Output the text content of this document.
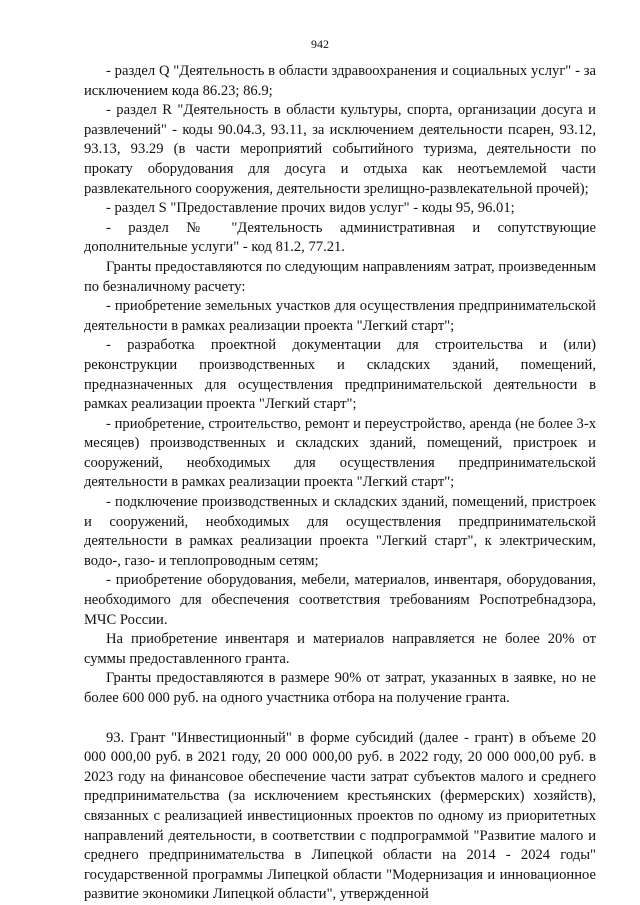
942

- раздел Q "Деятельность в области здравоохранения и социальных услуг" - за исключением кода 86.23; 86.9;

- раздел R "Деятельность в области культуры, спорта, организации досуга и развлечений" - коды 90.04.3, 93.11, за исключением деятельности псарен, 93.12, 93.13, 93.29 (в части мероприятий событийного туризма, деятельности по прокату оборудования для досуга и отдыха как неотъемлемой части развлекательного сооружения, деятельности зрелищно-развлекательной прочей);

- раздел S "Предоставление прочих видов услуг" - коды 95, 96.01;

- раздел № "Деятельность административная и сопутствующие дополнительные услуги" - код 81.2, 77.21.

Гранты предоставляются по следующим направлениям затрат, произведенным по безналичному расчету:

- приобретение земельных участков для осуществления предпринимательской деятельности в рамках реализации проекта "Легкий старт";

- разработка проектной документации для строительства и (или) реконструкции производственных и складских зданий, помещений, предназначенных для осуществления предпринимательской деятельности в рамках реализации проекта "Легкий старт";

- приобретение, строительство, ремонт и переустройство, аренда (не более 3-х месяцев) производственных и складских зданий, помещений, пристроек и сооружений, необходимых для осуществления предпринимательской деятельности в рамках реализации проекта "Легкий старт";

- подключение производственных и складских зданий, помещений, пристроек и сооружений, необходимых для осуществления предпринимательской деятельности в рамках реализации проекта "Легкий старт", к электрическим, водо-, газо- и теплопроводным сетям;

- приобретение оборудования, мебели, материалов, инвентаря, оборудования, необходимого для обеспечения соответствия требованиям Роспотребнадзора, МЧС России.

На приобретение инвентаря и материалов направляется не более 20% от суммы предоставленного гранта.

Гранты предоставляются в размере 90% от затрат, указанных в заявке, но не более 600 000 руб. на одного участника отбора на получение гранта.

93. Грант "Инвестиционный" в форме субсидий (далее - грант) в объеме 20 000 000,00 руб. в 2021 году, 20 000 000,00 руб. в 2022 году, 20 000 000,00 руб. в 2023 году на финансовое обеспечение части затрат субъектов малого и среднего предпринимательства (за исключением крестьянских (фермерских) хозяйств), связанных с реализацией инвестиционных проектов по одному из приоритетных направлений деятельности, в соответствии с подпрограммой "Развитие малого и среднего предпринимательства в Липецкой области на 2014 - 2024 годы" государственной программы Липецкой области "Модернизация и инновационное развитие экономики Липецкой области", утвержденной
